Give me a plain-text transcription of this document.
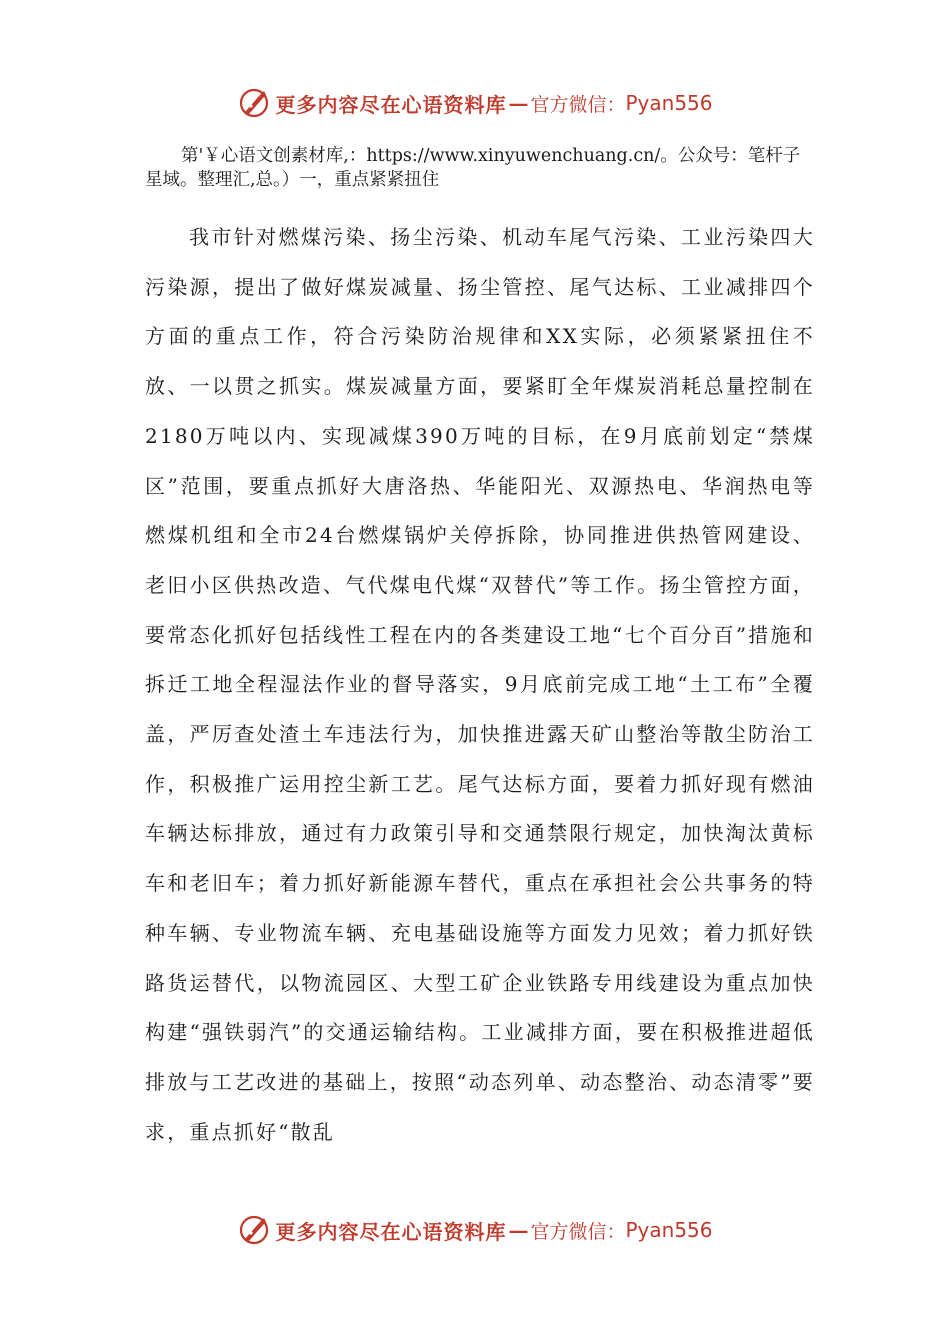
更多内容尽在心语资料库 — 官方微信： Pyan556
第'￥心语文创素材库,：https://www.xinyuwenchuang.cn/。公众号：笔杆子星域。整理汇,总。）一，重点紧紧扭住

我市针对燃煤污染、扬尘污染、机动车尾气污染、工业污染四大污染源，提出了做好煤炭减量、扬尘管控、尾气达标、工业减排四个方面的重点工作，符合污染防治规律和XX实际，必须紧紧扭住不放、一以贯之抓实。煤炭减量方面，要紧盯全年煤炭消耗总量控制在2180万吨以内、实现减煤390万吨的目标，在9月底前划定“禁煤区”范围，要重点抓好大唐洛热、华能阳光、双源热电、华润热电等燃煤机组和全市24台燃煤锅炉关停拆除，协同推进供热管网建设、老旧小区供热改造、气代煤电代煤“双替代”等工作。扬尘管控方面，要常态化抓好包括线性工程在内的各类建设工地“七个百分百”措施和拆迁工地全程湿法作业的督导落实，9月底前完成工地“土工布”全覆盖，严厉查处渣土车违法行为，加快推进露天矿山整治等散尘防治工作，积极推广运用控尘新工艺。尾气达标方面，要着力抓好现有燃油车辆达标排放，通过有力政策引导和交通禁限行规定，加快淘汰黄标车和老旧车；着力抓好新能源车替代，重点在承担社会公共事务的特种车辆、专业物流车辆、充电基础设施等方面发力见效；着力抓好铁路货运替代，以物流园区、大型工矿企业铁路专用线建设为重点加快构建“强铁弱汽”的交通运输结构。工业减排方面，要在积极推进超低排放与工艺改进的基础上，按照“动态列单、动态整治、动态清零”要求，重点抓好“散乱

更多内容尽在心语资料库 — 官方微信： Pyan556
